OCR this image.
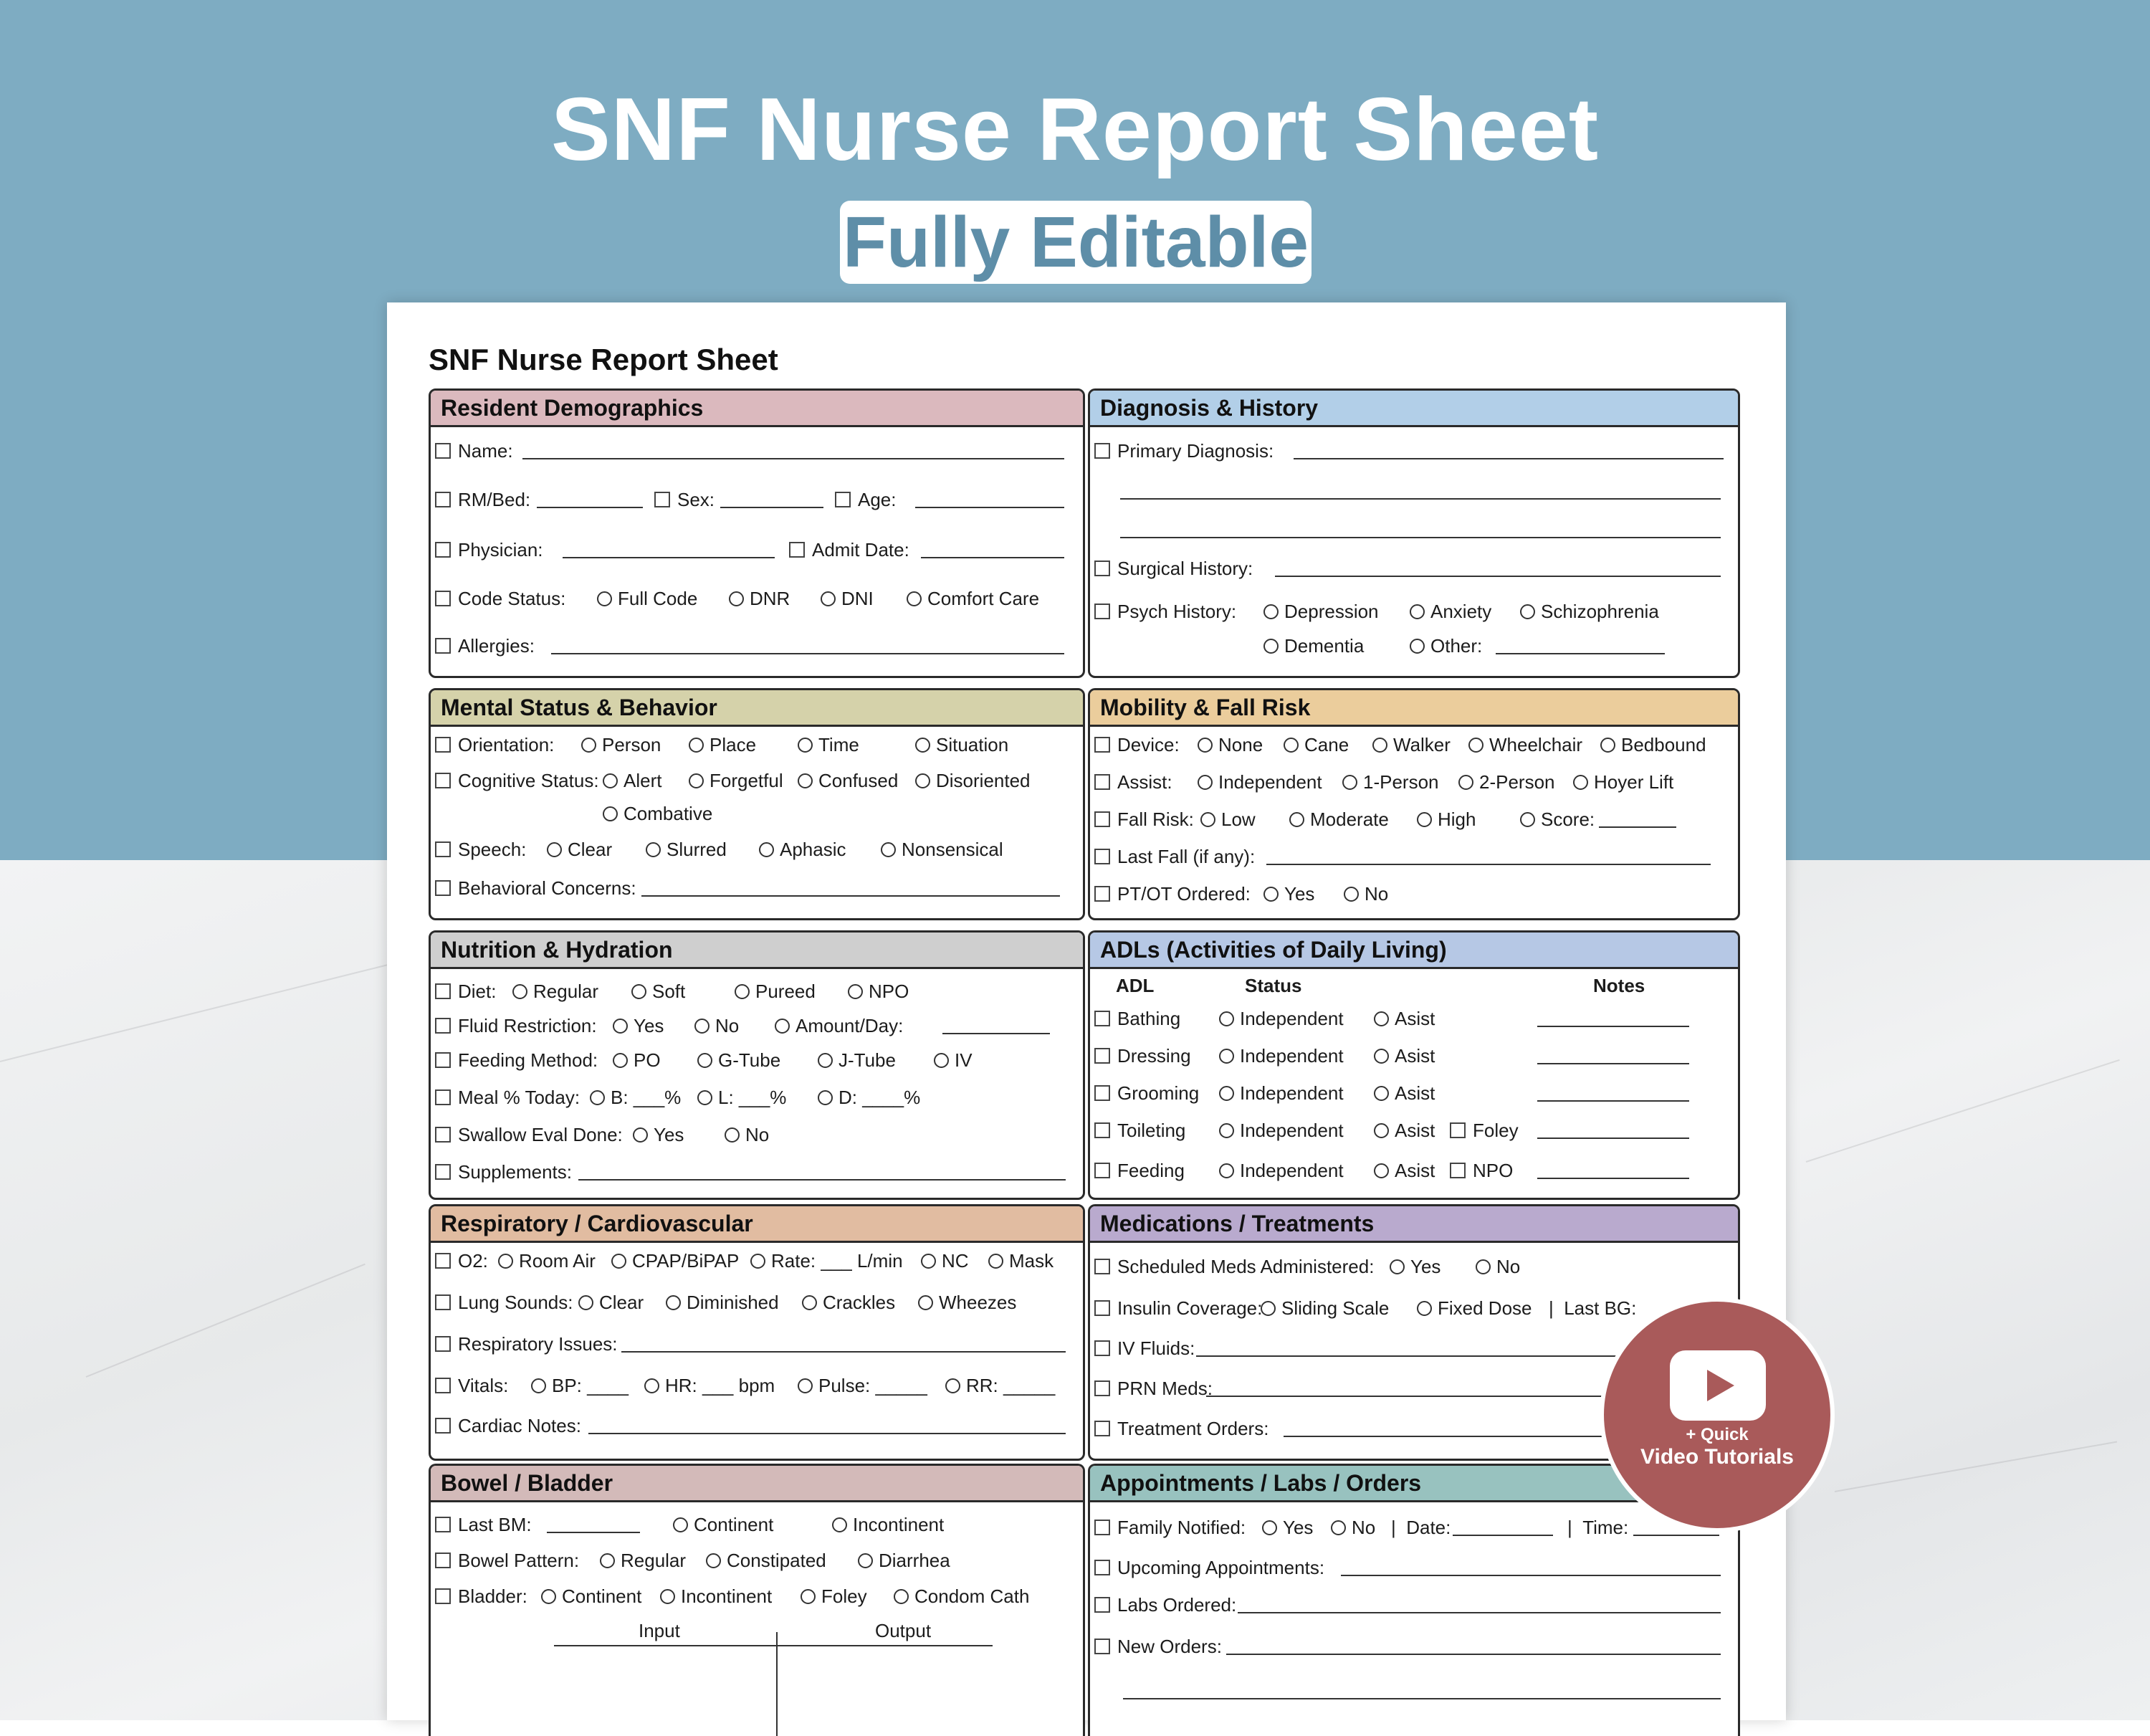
SNF Nurse Report Sheet
Fully Editable
SNF Nurse Report Sheet
Resident Demographics
Name:
RM/Bed:	Sex:	Age:
Physician:	Admit Date:
Code Status:	Full Code	DNR	DNI	Comfort Care
Allergies:
Diagnosis & History
Primary Diagnosis:
Surgical History:
Psych History:	Depression	Anxiety	Schizophrenia
Dementia	Other:
Mental Status & Behavior
Orientation:	Person	Place	Time	Situation
Cognitive Status: Alert	Forgetful Confused Disoriented
Combative
Speech: Clear	Slurred	Aphasic	Nonsensical
Behavioral Concerns:
Mobility & Fall Risk
Device: None Cane Walker Wheelchair Bedbound
Assist: Independent 1-Person 2-Person Hoyer Lift
Fall Risk: Low	Moderate	High	Score:
Last Fall (if any):
PT/OT Ordered: Yes	No
Nutrition & Hydration
Diet: Regular	Soft	Pureed	NPO
Fluid Restriction: Yes	No	Amount/Day:
Feeding Method: PO	G-Tube	J-Tube	IV
Meal % Today: B: ___% L: ___%	D: ____%
Swallow Eval Done: Yes	No
Supplements:
ADLs (Activities of Daily Living)
ADL	Status	Notes
Bathing	Independent	Asist
Dressing	Independent	Asist
Grooming Independent	Asist
Toileting	Independent	Asist Foley
Feeding	Independent	Asist NPO
Respiratory / Cardiovascular
O2: Room Air CPAP/BiPAP Rate: ___ L/min NC Mask
Lung Sounds: Clear Diminished Crackles Wheezes
Respiratory Issues:
Vitals: BP: ____ HR: ___ bpm Pulse: _____ RR: _____
Cardiac Notes:
Medications / Treatments
Scheduled Meds Administered: Yes	No
Insulin Coverage: Sliding Scale	Fixed Dose | Last BG:
IV Fluids:
PRN Meds:
Treatment Orders:
Bowel / Bladder
Last BM:	Continent	Incontinent
Bowel Pattern: Regular Constipated	Diarrhea
Bladder: Continent Incontinent	Foley	Condom Cath
Input	Output
Appointments / Labs / Orders
Family Notified: Yes No | Date:	| Time:
Upcoming Appointments:
Labs Ordered:
New Orders:
+ Quick
Video Tutorials
